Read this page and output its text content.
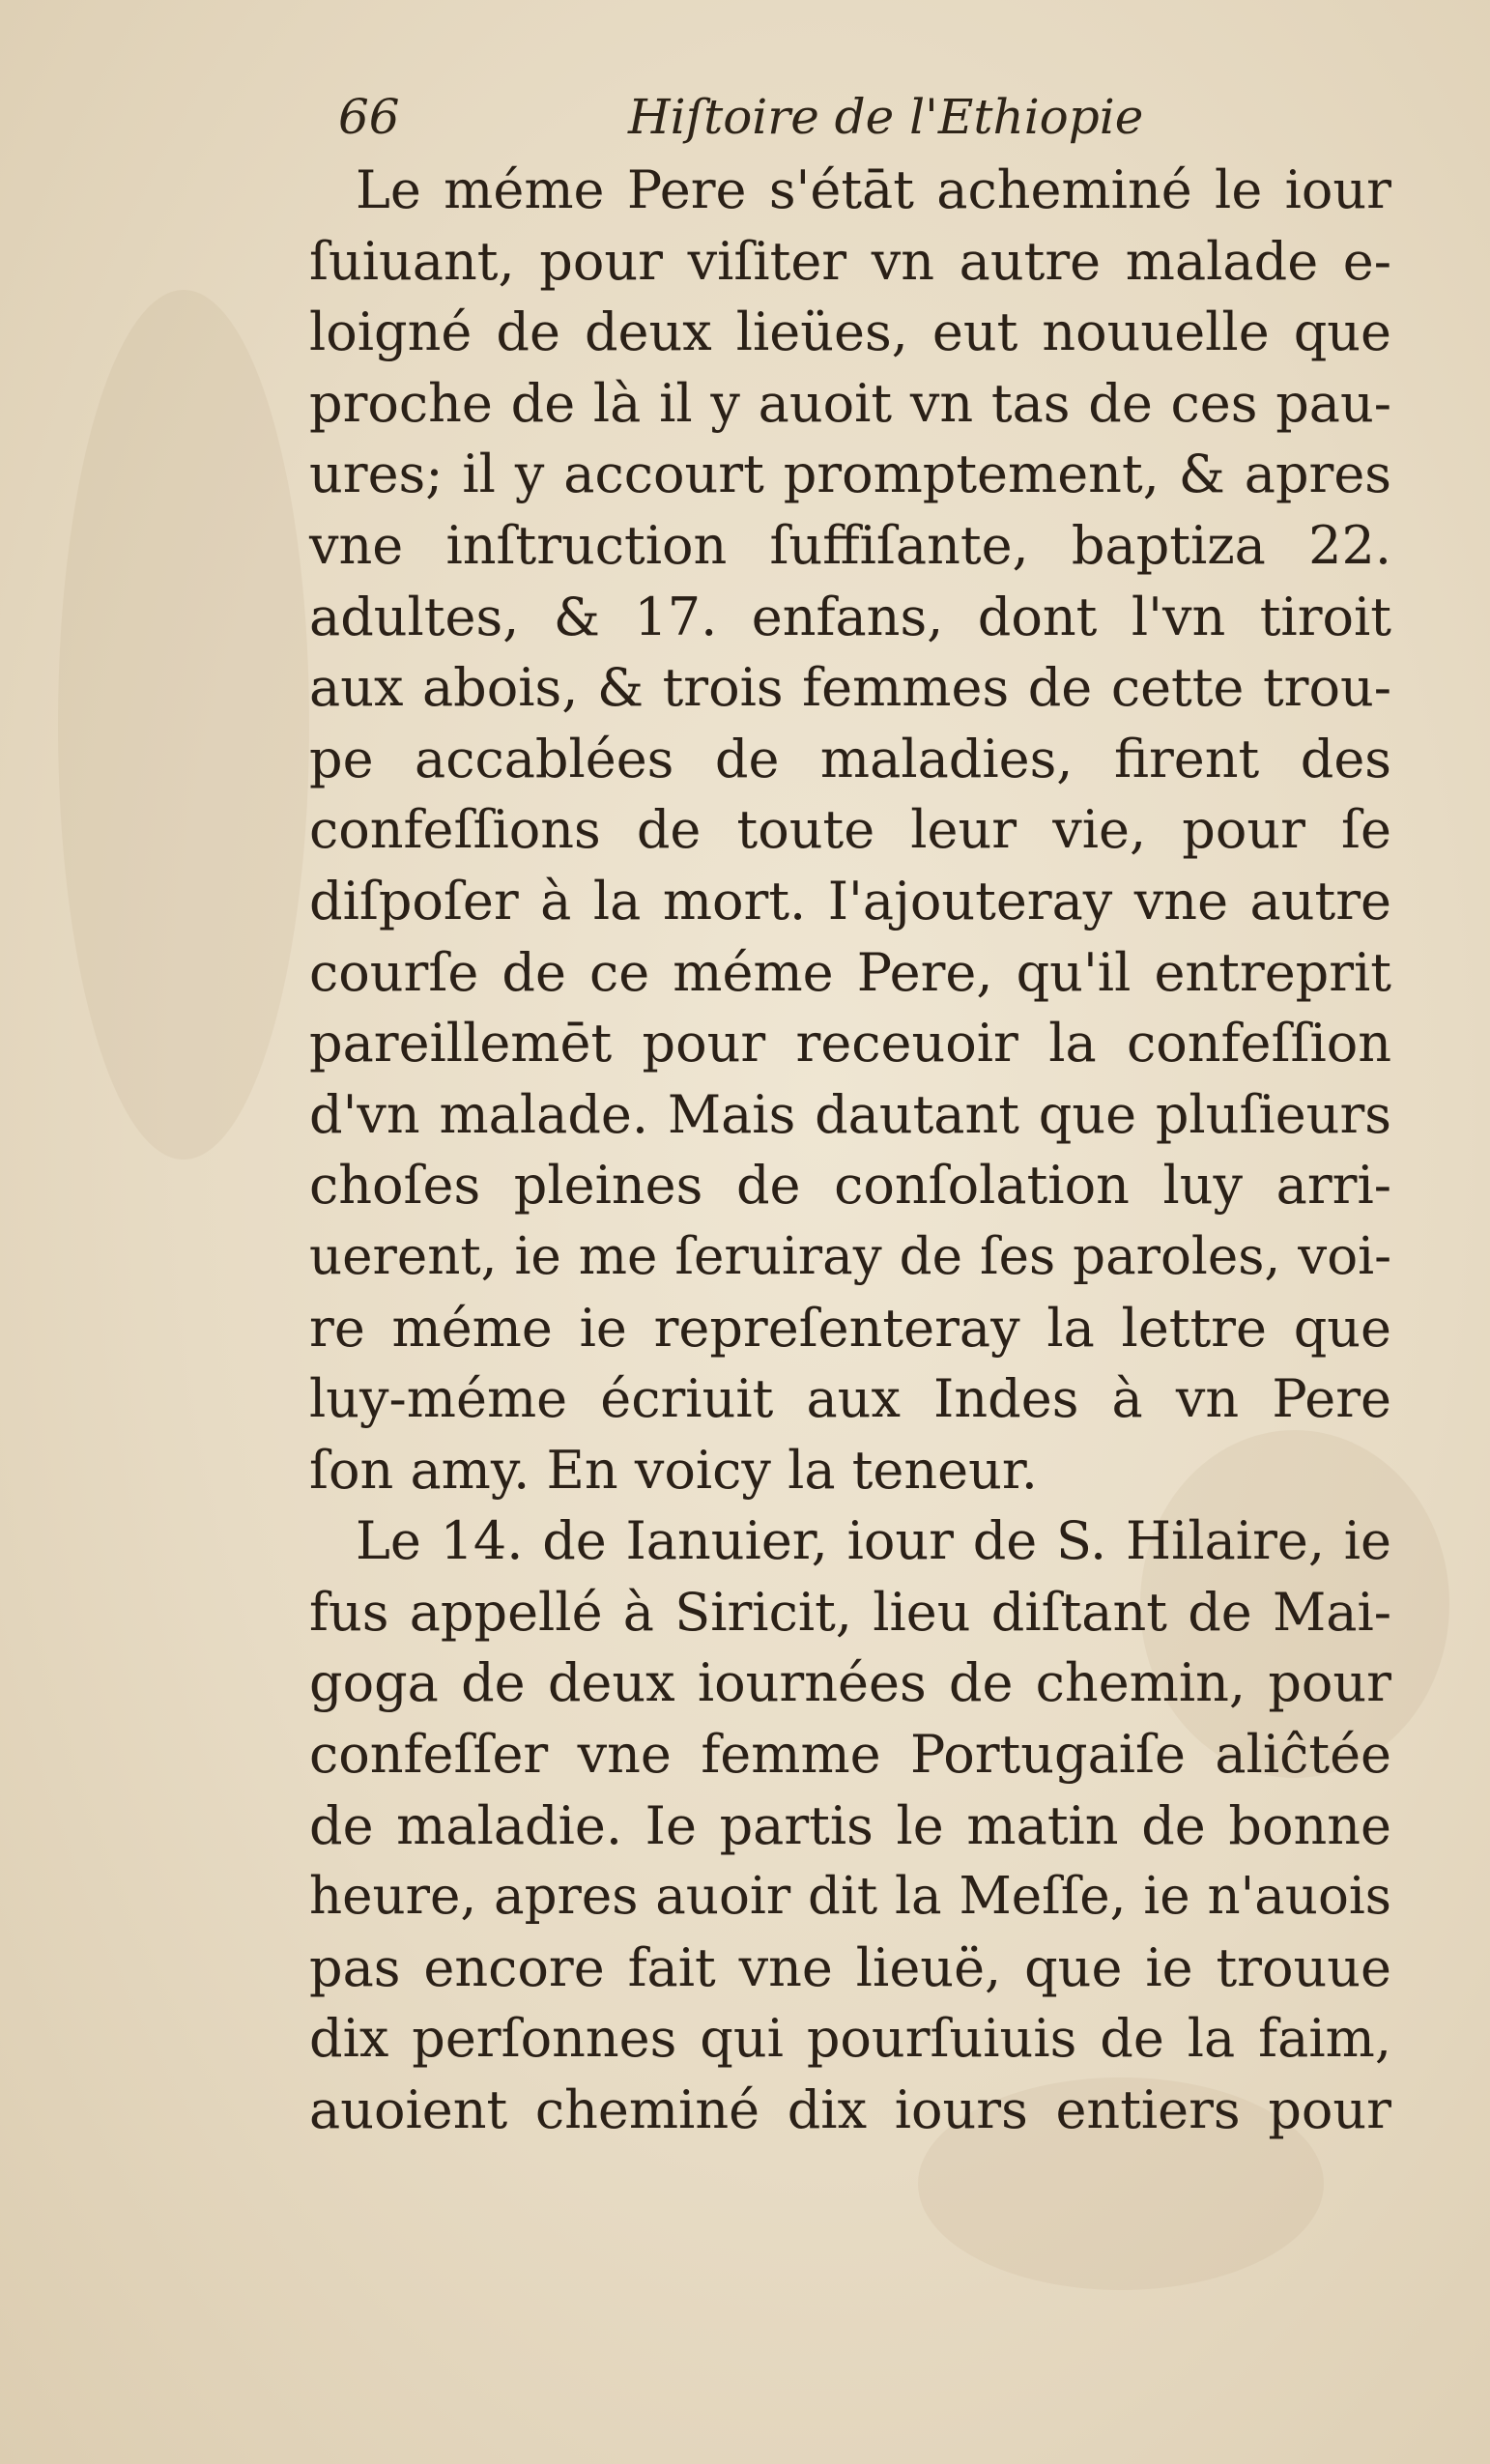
66	Hiſtoire de l'Ethiopie
Le méme Pere s'étāt acheminé le iour
ſuiuant, pour viſiter vn autre malade e-
loigné de deux lieües, eut nouuelle que
proche de là il y auoit vn tas de ces pau-
ures; il y accourt promptement, & apres
vne inſtruction ſuffiſante, baptiza 22.
adultes, & 17. enfans, dont l'vn tiroit
aux abois, & trois femmes de cette trou-
pe accablées de maladies, firent des
confeſſions de toute leur vie, pour ſe
diſpoſer à la mort. I'ajouteray vne autre
courſe de ce méme Pere, qu'il entreprit
pareillemēt pour receuoir la confeſſion
d'vn malade. Mais dautant que pluſieurs
choſes pleines de conſolation luy arri-
uerent, ie me ſeruiray de ſes paroles, voi-
re méme ie repreſenteray la lettre que
luy-méme écriuit aux Indes à vn Pere
ſon amy. En voicy la teneur.
Le 14. de Ianuier, iour de S. Hilaire, ie
fus appellé à Siricit, lieu diſtant de Mai-
goga de deux iournées de chemin, pour
confeſſer vne femme Portugaiſe aliĉtée
de maladie. Ie partis le matin de bonne
heure, apres auoir dit la Meſſe, ie n'auois
pas encore fait vne lieuë, que ie trouue
dix perſonnes qui pourſuiuis de la faim,
auoient cheminé dix iours entiers pour
